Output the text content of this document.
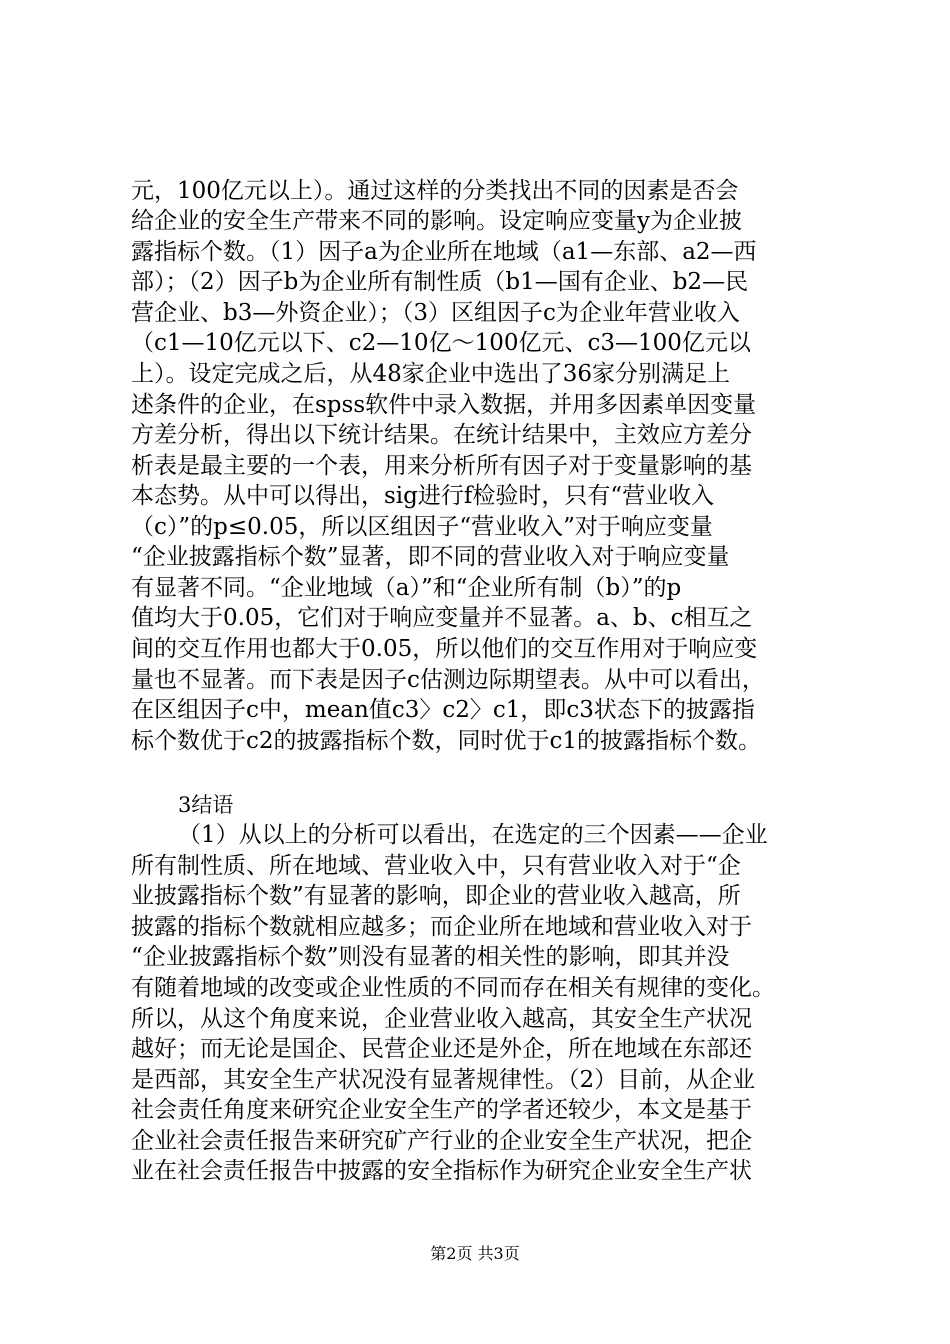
元，100亿元以上）。通过这样的分类找出不同的因素是否会
给企业的安全生产带来不同的影响。设定响应变量y为企业披
露指标个数。（1）因子a为企业所在地域（a1—东部、a2—西
部）；（2）因子b为企业所有制性质（b1—国有企业、b2—民
营企业、b3—外资企业）；（3）区组因子c为企业年营业收入
（c1—10亿元以下、c2—10亿～100亿元、c3—100亿元以
上）。设定完成之后，从48家企业中选出了36家分别满足上
述条件的企业，在spss软件中录入数据，并用多因素单因变量
方差分析，得出以下统计结果。在统计结果中，主效应方差分
析表是最主要的一个表，用来分析所有因子对于变量影响的基
本态势。从中可以得出，sig进行f检验时，只有“营业收入
（c）”的p≤0.05，所以区组因子“营业收入”对于响应变量
“企业披露指标个数”显著，即不同的营业收入对于响应变量
有显著不同。“企业地域（a）”和“企业所有制（b）”的p
值均大于0.05，它们对于响应变量并不显著。a、b、c相互之
间的交互作用也都大于0.05，所以他们的交互作用对于响应变
量也不显著。而下表是因子c估测边际期望表。从中可以看出，
在区组因子c中，mean值c3〉c2〉c1，即c3状态下的披露指
标个数优于c2的披露指标个数，同时优于c1的披露指标个数。
3结语
（1）从以上的分析可以看出，在选定的三个因素——企业
所有制性质、所在地域、营业收入中，只有营业收入对于“企
业披露指标个数”有显著的影响，即企业的营业收入越高，所
披露的指标个数就相应越多；而企业所在地域和营业收入对于
“企业披露指标个数”则没有显著的相关性的影响，即其并没
有随着地域的改变或企业性质的不同而存在相关有规律的变化。
所以，从这个角度来说，企业营业收入越高，其安全生产状况
越好；而无论是国企、民营企业还是外企，所在地域在东部还
是西部，其安全生产状况没有显著规律性。（2）目前，从企业
社会责任角度来研究企业安全生产的学者还较少，本文是基于
企业社会责任报告来研究矿产行业的企业安全生产状况，把企
业在社会责任报告中披露的安全指标作为研究企业安全生产状
第2页 共3页
